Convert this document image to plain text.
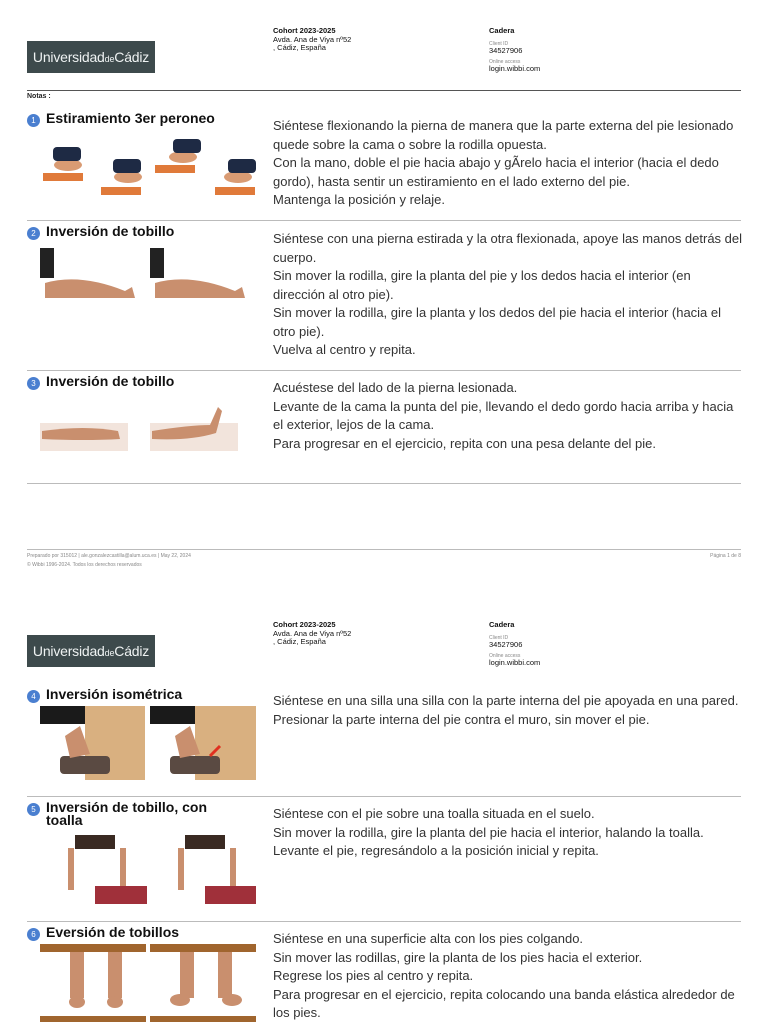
UniversidaddeCádiz
Cohort 2023-2025
Avda. Ana de Viya nº52
, Cádiz, España
Cadera
Client ID
34527906
Online access
login.wibbi.com
Notas :
1 Estiramiento 3er peroneo	Siéntese flexionando la pierna de manera que la parte externa del pie lesionado quede sobre la cama o sobre la rodilla opuesta.
Con la mano, doble el pie hacia abajo y gÃrelo hacia el interior (hacia el dedo gordo), hasta sentir un estiramiento en el lado externo del pie.
Mantenga la posición y relaje.
2 Inversión de tobillo	Siéntese con una pierna estirada y la otra flexionada, apoye las manos detrás del cuerpo.
Sin mover la rodilla, gire la planta del pie y los dedos hacia el interior (en dirección al otro pie).
Sin mover la rodilla, gire la planta y los dedos del pie hacia el interior (hacia el otro pie).
Vuelva al centro y repita.
3 Inversión de tobillo	Acuéstese del lado de la pierna lesionada.
Levante de la cama la punta del pie, llevando el dedo gordo hacia arriba y hacia el exterior, lejos de la cama.
Para progresar en el ejercicio, repita con una pesa delante del pie.
Preparado por 315012 | ale.gonzalezcastilla@alum.uca.es | May 22, 2024
© Wibbi 1996-2024. Todos los derechos reservados
Página 1 de 8
UniversidaddeCádiz
Cohort 2023-2025
Avda. Ana de Viya nº52
, Cádiz, España
Cadera
Client ID
34527906
Online access
login.wibbi.com
4 Inversión isométrica	Siéntese en una silla una silla con la parte interna del pie apoyada en una pared.
Presionar la parte interna del pie contra el muro, sin mover el pie.
5 Inversión de tobillo, con toalla	Siéntese con el pie sobre una toalla situada en el suelo.
Sin mover la rodilla, gire la planta del pie hacia el interior, halando la toalla.
Levante el pie, regresándolo a la posición inicial y repita.
6 Eversión de tobillos	Siéntese en una superficie alta con los pies colgando.
Sin mover las rodillas, gire la planta de los pies hacia el exterior.
Regrese los pies al centro y repita.
Para progresar en el ejercicio, repita colocando una banda elástica alrededor de los pies.
